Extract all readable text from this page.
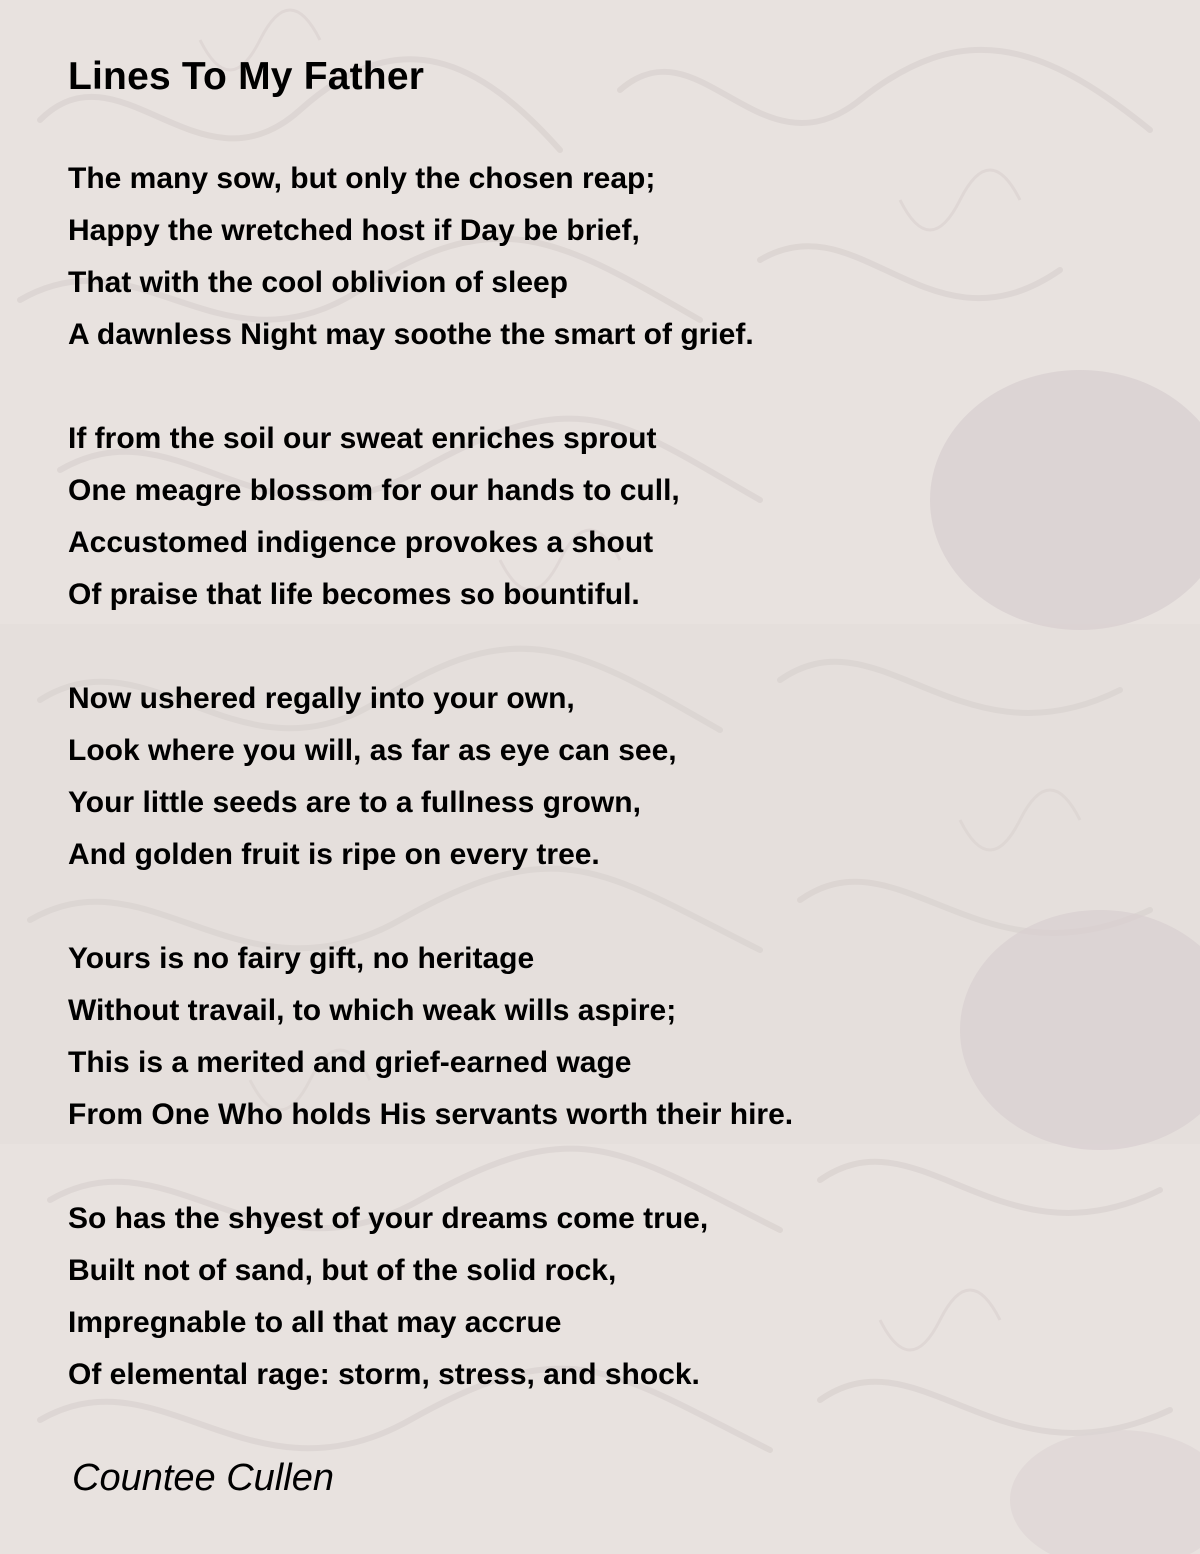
Lines To My Father
The many sow, but only the chosen reap;
Happy the wretched host if Day be brief,
That with the cool oblivion of sleep
A dawnless Night may soothe the smart of grief.
If from the soil our sweat enriches sprout
One meagre blossom for our hands to cull,
Accustomed indigence provokes a shout
Of praise that life becomes so bountiful.
Now ushered regally into your own,
Look where you will, as far as eye can see,
Your little seeds are to a fullness grown,
And golden fruit is ripe on every tree.
Yours is no fairy gift, no heritage
Without travail, to which weak wills aspire;
This is a merited and grief-earned wage
From One Who holds His servants worth their hire.
So has the shyest of your dreams come true,
Built not of sand, but of the solid rock,
Impregnable to all that may accrue
Of elemental rage: storm, stress, and shock.

Countee Cullen
